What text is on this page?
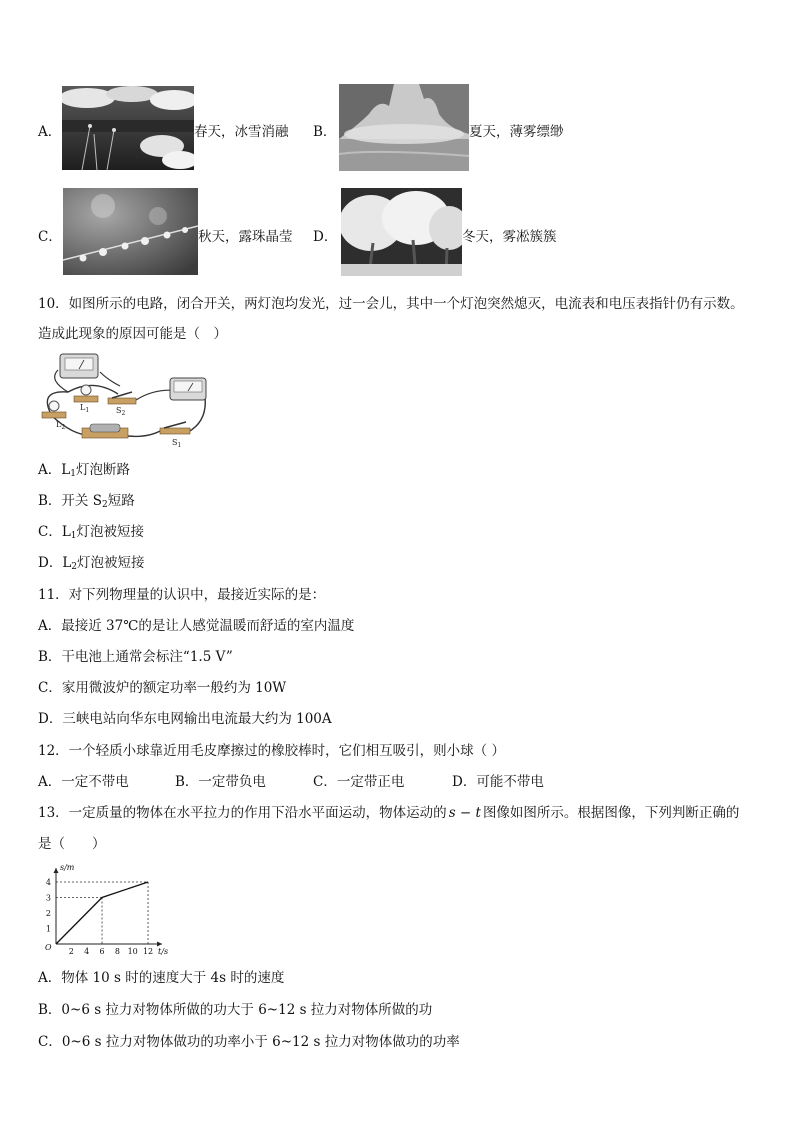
A．	春天，冰雪消融 B．	夏天，薄雾缥缈
C．	秋天，露珠晶莹 D．	冬天，雾凇簇簇
10．如图所示的电路，闭合开关，两灯泡均发光，过一会儿，其中一个灯泡突然熄灭，电流表和电压表指针仍有示数。
造成此现象的原因可能是（　）
$L_1$	$S_2$
$L_2$
$S_1$
A．$L_1$灯泡断路
B．开关 $S_2$短路
C．$L_1$灯泡被短接
D．$L_2$灯泡被短接
11．对下列物理量的认识中，最接近实际的是：
A．最接近 37℃的是让人感觉温暖而舒适的室内温度
B．干电池上通常会标注“1.5 V”
C．家用微波炉的额定功率一般约为 10W
D．三峡电站向华东电网输出电流最大约为 100A
12．一个轻质小球靠近用毛皮摩擦过的橡胶棒时，它们相互吸引，则小球（ ）
A．一定不带电	B．一定带负电	C．一定带正电	D．可能不带电
13．一定质量的物体在水平拉力的作用下沿水平面运动，物体运动的 s − t 图像如图所示。根据图像，下列判断正确的
是（　　）
2 4 6 8 10 12
1
2
3
4
O
s/m
t/s
A．物体 10 s 时的速度大于 4s 时的速度
B．0~6 s 拉力对物体所做的功大于 6~12 s 拉力对物体所做的功
C．0~6 s 拉力对物体做功的功率小于 6~12 s 拉力对物体做功的功率
